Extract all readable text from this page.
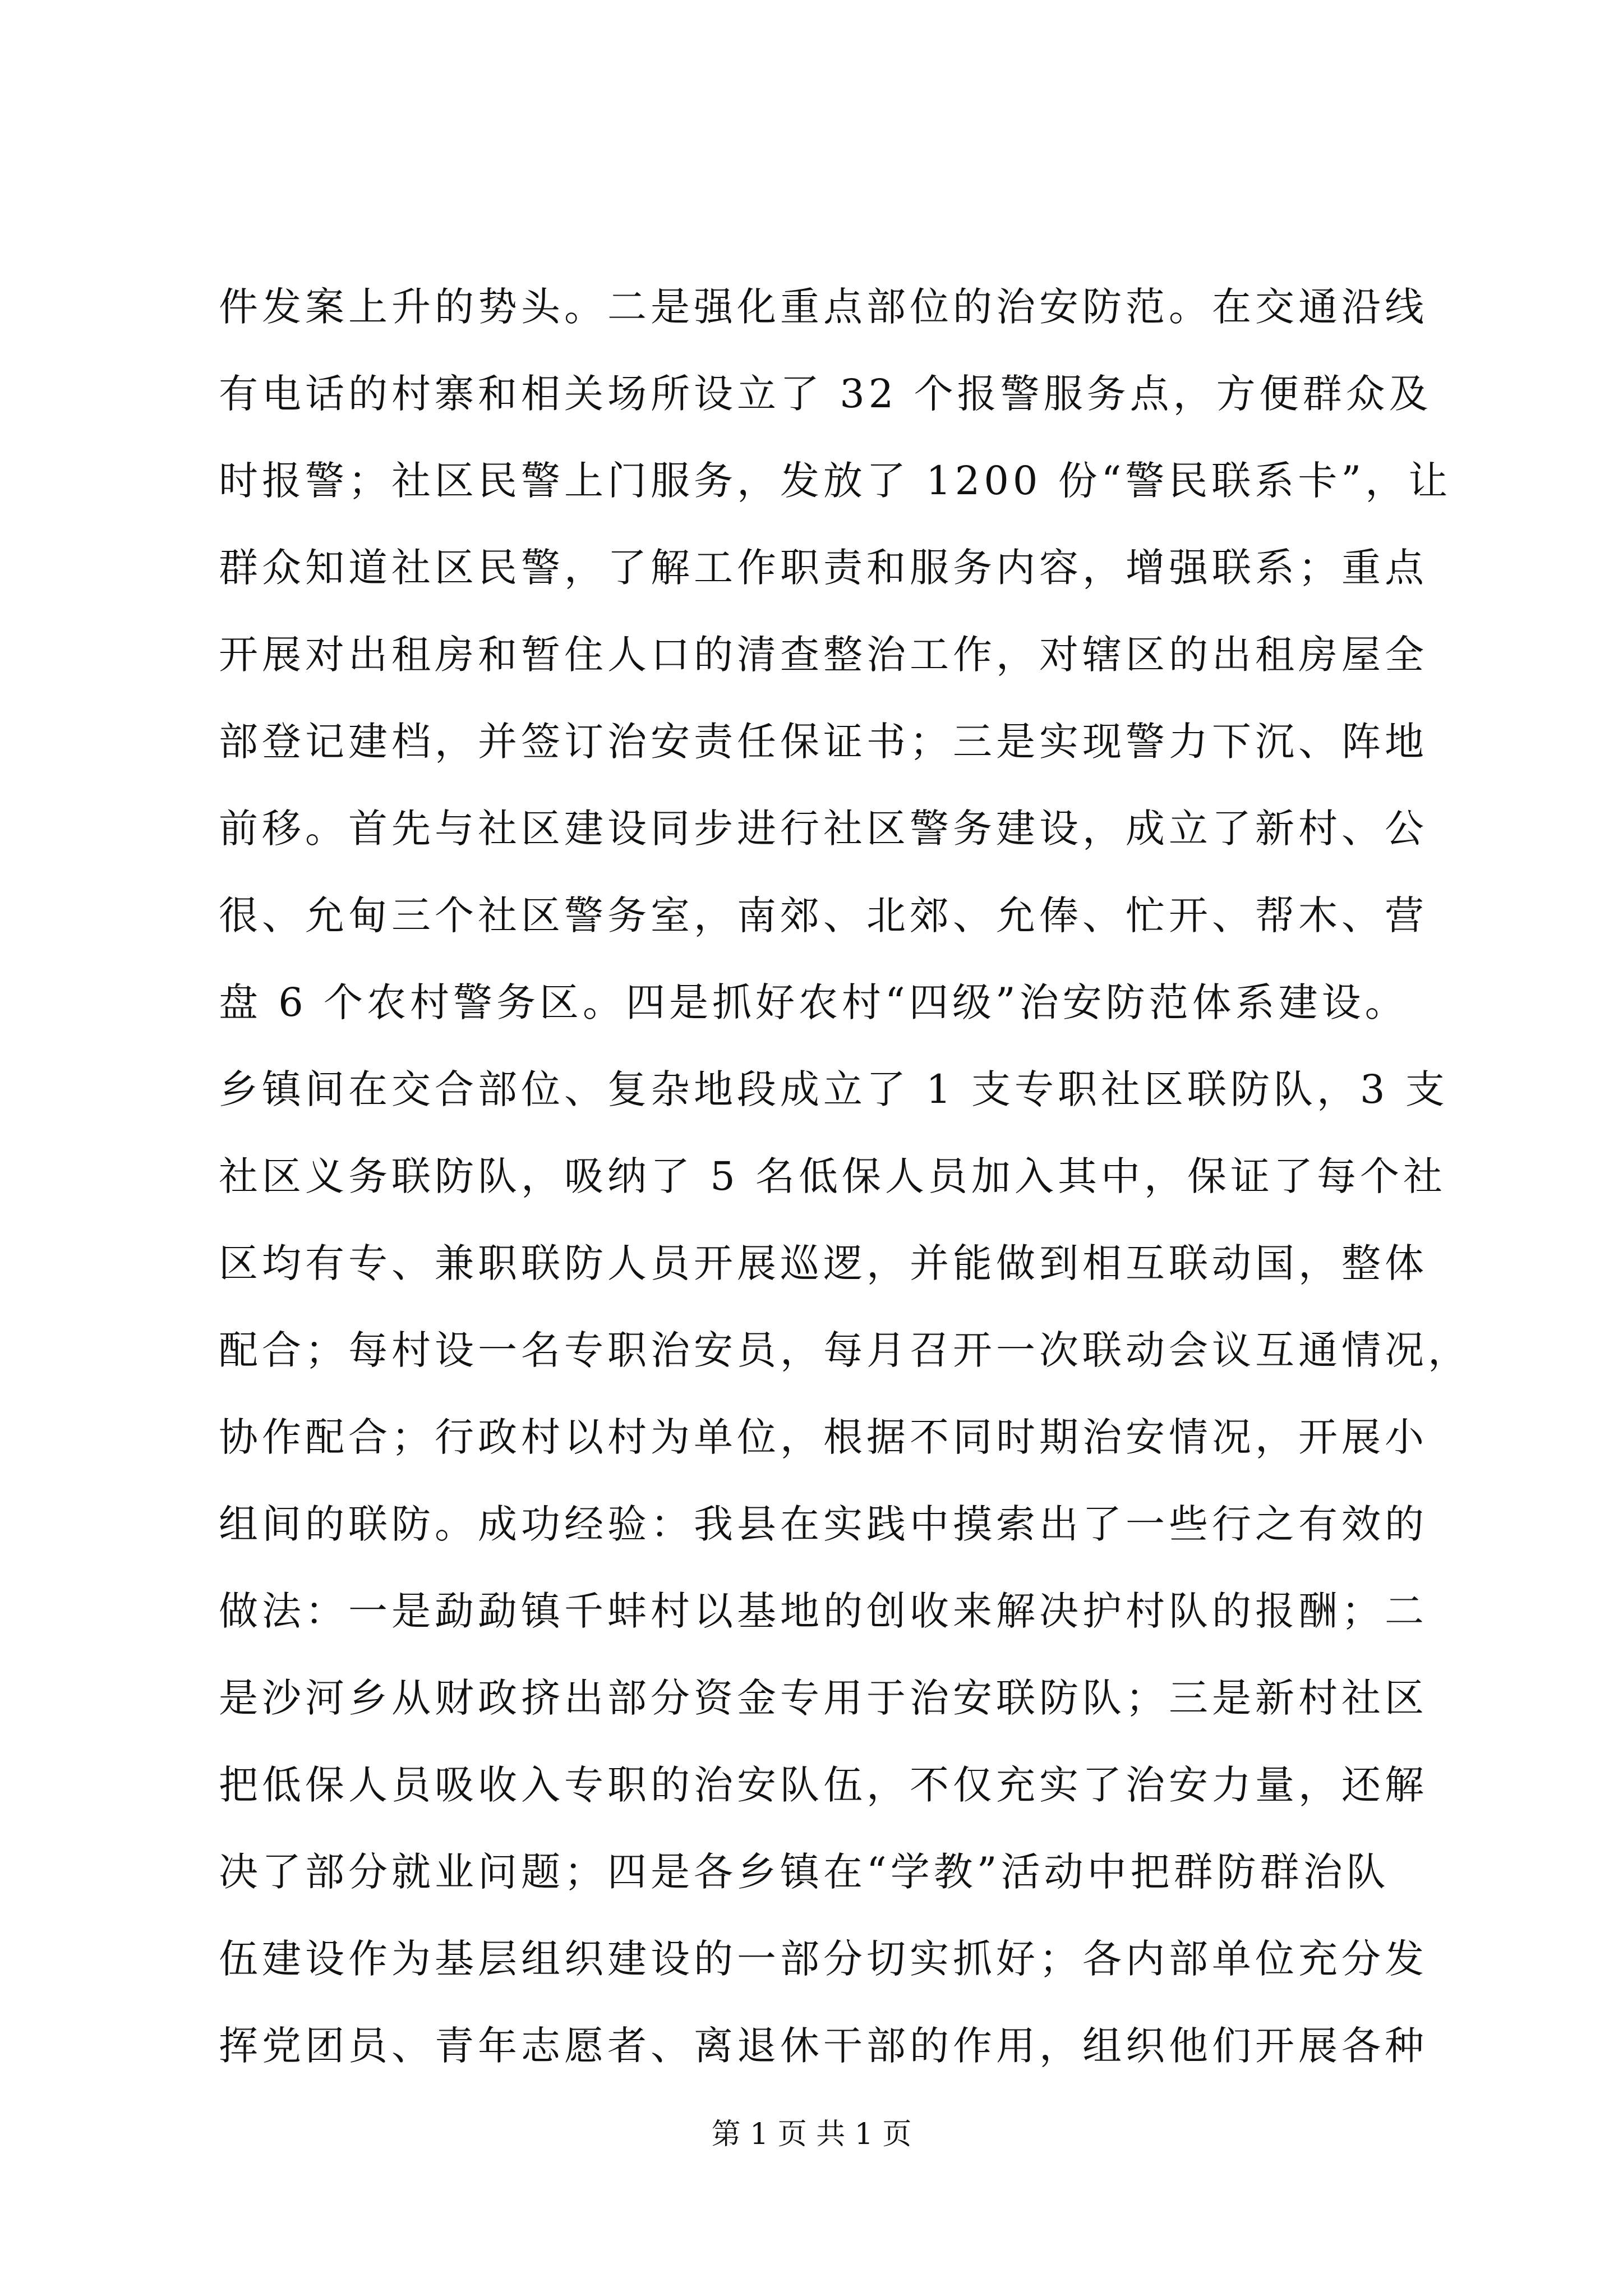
件发案上升的势头。二是强化重点部位的治安防范。在交通沿线
有电话的村寨和相关场所设立了 32 个报警服务点，方便群众及
时报警；社区民警上门服务，发放了 1200 份“警民联系卡”，让
群众知道社区民警，了解工作职责和服务内容，增强联系；重点
开展对出租房和暂住人口的清查整治工作，对辖区的出租房屋全
部登记建档，并签订治安责任保证书；三是实现警力下沉、阵地
前移。首先与社区建设同步进行社区警务建设，成立了新村、公
很、允甸三个社区警务室，南郊、北郊、允俸、忙开、帮木、营
盘 6 个农村警务区。四是抓好农村“四级”治安防范体系建设。
乡镇间在交合部位、复杂地段成立了 1 支专职社区联防队，3 支
社区义务联防队，吸纳了 5 名低保人员加入其中，保证了每个社
区均有专、兼职联防人员开展巡逻，并能做到相互联动国，整体
配合；每村设一名专职治安员，每月召开一次联动会议互通情况，
协作配合；行政村以村为单位，根据不同时期治安情况，开展小
组间的联防。成功经验：我县在实践中摸索出了一些行之有效的
做法：一是勐勐镇千蚌村以基地的创收来解决护村队的报酬；二
是沙河乡从财政挤出部分资金专用于治安联防队；三是新村社区
把低保人员吸收入专职的治安队伍，不仅充实了治安力量，还解
决了部分就业问题；四是各乡镇在“学教”活动中把群防群治队
伍建设作为基层组织建设的一部分切实抓好；各内部单位充分发
挥党团员、青年志愿者、离退休干部的作用，组织他们开展各种
第 1 页 共 1 页
